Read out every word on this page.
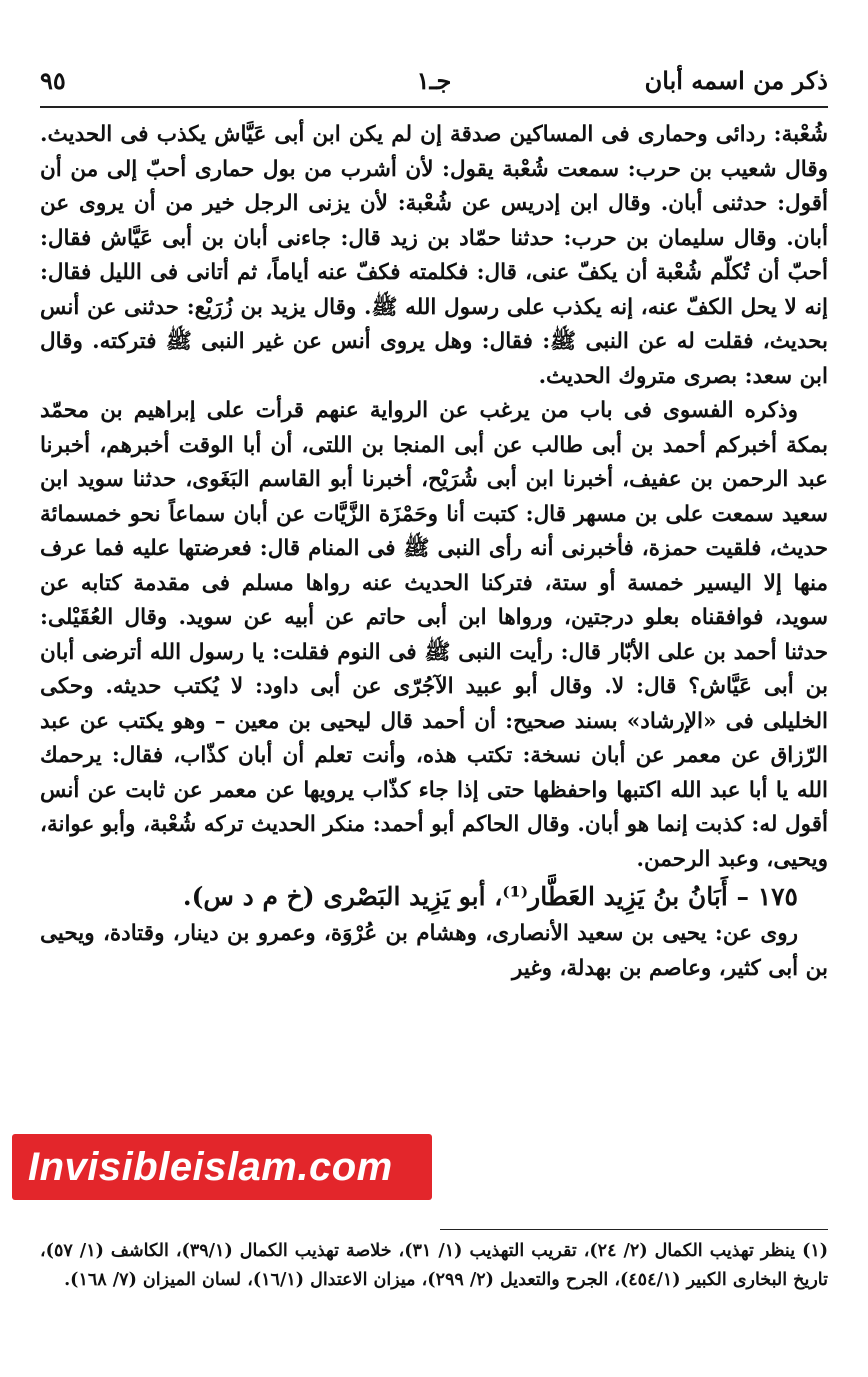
ذكر من اسمه أبان
جـ١
٩٥

شُعْبة: ردائى وحمارى فى المساكين صدقة إن لم يكن ابن أبى عَيَّاش يكذب فى الحديث. وقال شعيب بن حرب: سمعت شُعْبة يقول: لأن أشرب من بول حمارى أحبّ إلى من أن أقول: حدثنى أبان. وقال ابن إدريس عن شُعْبة: لأن يزنى الرجل خير من أن يروى عن أبان. وقال سليمان بن حرب: حدثنا حمّاد بن زيد قال: جاءنى أبان بن أبى عَيَّاش فقال: أحبّ أن تُكلّم شُعْبة أن يكفّ عنى، قال: فكلمته فكفّ عنه أياماً، ثم أتانى فى الليل فقال: إنه لا يحل الكفّ عنه، إنه يكذب على رسول الله ﷺ. وقال يزيد بن زُرَيْع: حدثنى عن أنس بحديث، فقلت له عن النبى ﷺ: فقال: وهل يروى أنس عن غير النبى ﷺ فتركته. وقال ابن سعد: بصرى متروك الحديث.

وذكره الفسوى فى باب من يرغب عن الرواية عنهم قرأت على إبراهيم بن محمّد بمكة أخبركم أحمد بن أبى طالب عن أبى المنجا بن اللتى، أن أبا الوقت أخبرهم، أخبرنا عبد الرحمن بن عفيف، أخبرنا ابن أبى شُرَيْح، أخبرنا أبو القاسم البَغَوى، حدثنا سويد ابن سعيد سمعت على بن مسهر قال: كتبت أنا وحَمْزَة الزَّيَّات عن أبان سماعاً نحو خمسمائة حديث، فلقيت حمزة، فأخبرنى أنه رأى النبى ﷺ فى المنام قال: فعرضتها عليه فما عرف منها إلا اليسير خمسة أو ستة، فتركنا الحديث عنه رواها مسلم فى مقدمة كتابه عن سويد، فوافقناه بعلو درجتين، ورواها ابن أبى حاتم عن أبيه عن سويد. وقال العُقَيْلى: حدثنا أحمد بن على الأبّار قال: رأيت النبى ﷺ فى النوم فقلت: يا رسول الله أترضى أبان بن أبى عَيَّاش؟ قال: لا. وقال أبو عبيد الآجُرّى عن أبى داود: لا يُكتب حديثه. وحكى الخليلى فى «الإرشاد» بسند صحيح: أن أحمد قال ليحيى بن معين – وهو يكتب عن عبد الرّزاق عن معمر عن أبان نسخة: تكتب هذه، وأنت تعلم أن أبان كذّاب، فقال: يرحمك الله يا أبا عبد الله اكتبها واحفظها حتى إذا جاء كذّاب يرويها عن معمر عن ثابت عن أنس أقول له: كذبت إنما هو أبان. وقال الحاكم أبو أحمد: منكر الحديث تركه شُعْبة، وأبو عوانة، ويحيى، وعبد الرحمن.

١٧٥ – أَبَانُ بنُ يَزِيد العَطَّار⁽¹⁾، أبو يَزِيد البَصْرى (خ م د س).

روى عن: يحيى بن سعيد الأنصارى، وهشام بن عُرْوَة، وعمرو بن دينار، وقتادة، ويحيى بن أبى كثير، وعاصم بن بهدلة، وغير

Invisibleislam.com

(١) ينظر تهذيب الكمال (٢/ ٢٤)، تقريب التهذيب (١/ ٣١)، خلاصة تهذيب الكمال (٣٩/١)، الكاشف (١/ ٥٧)، تاريخ البخارى الكبير (٤٥٤/١)، الجرح والتعديل (٢/ ٢٩٩)، ميزان الاعتدال (١٦/١)، لسان الميزان (٧/ ١٦٨).
